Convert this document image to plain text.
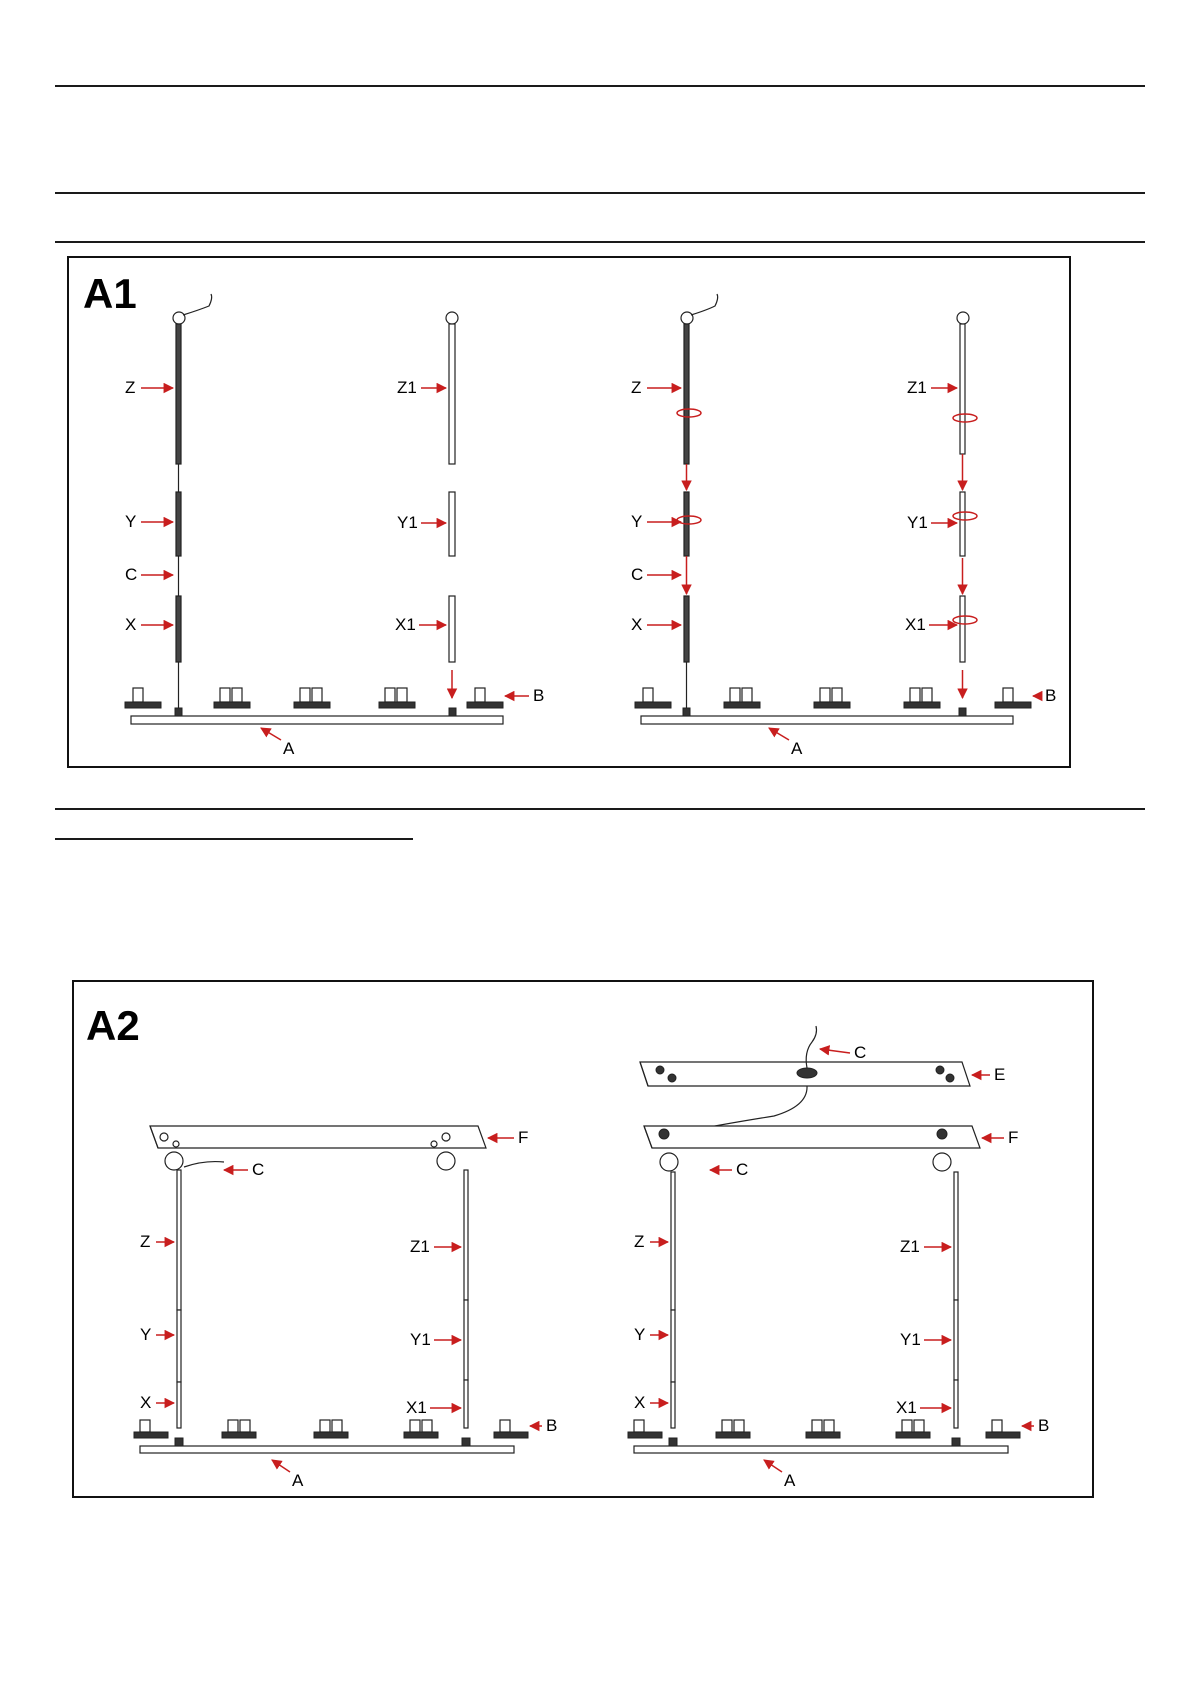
A1
Z
Y
C
X
Z1
Y1
X1
B
A
Z
Y
C
X
Z1
Y1
X1
B
A
A2
F
C
Z
Y
X
Z1
Y1
X1
B
A
C
E
F
C
Z
Y
X
Z1
Y1
X1
B
A
